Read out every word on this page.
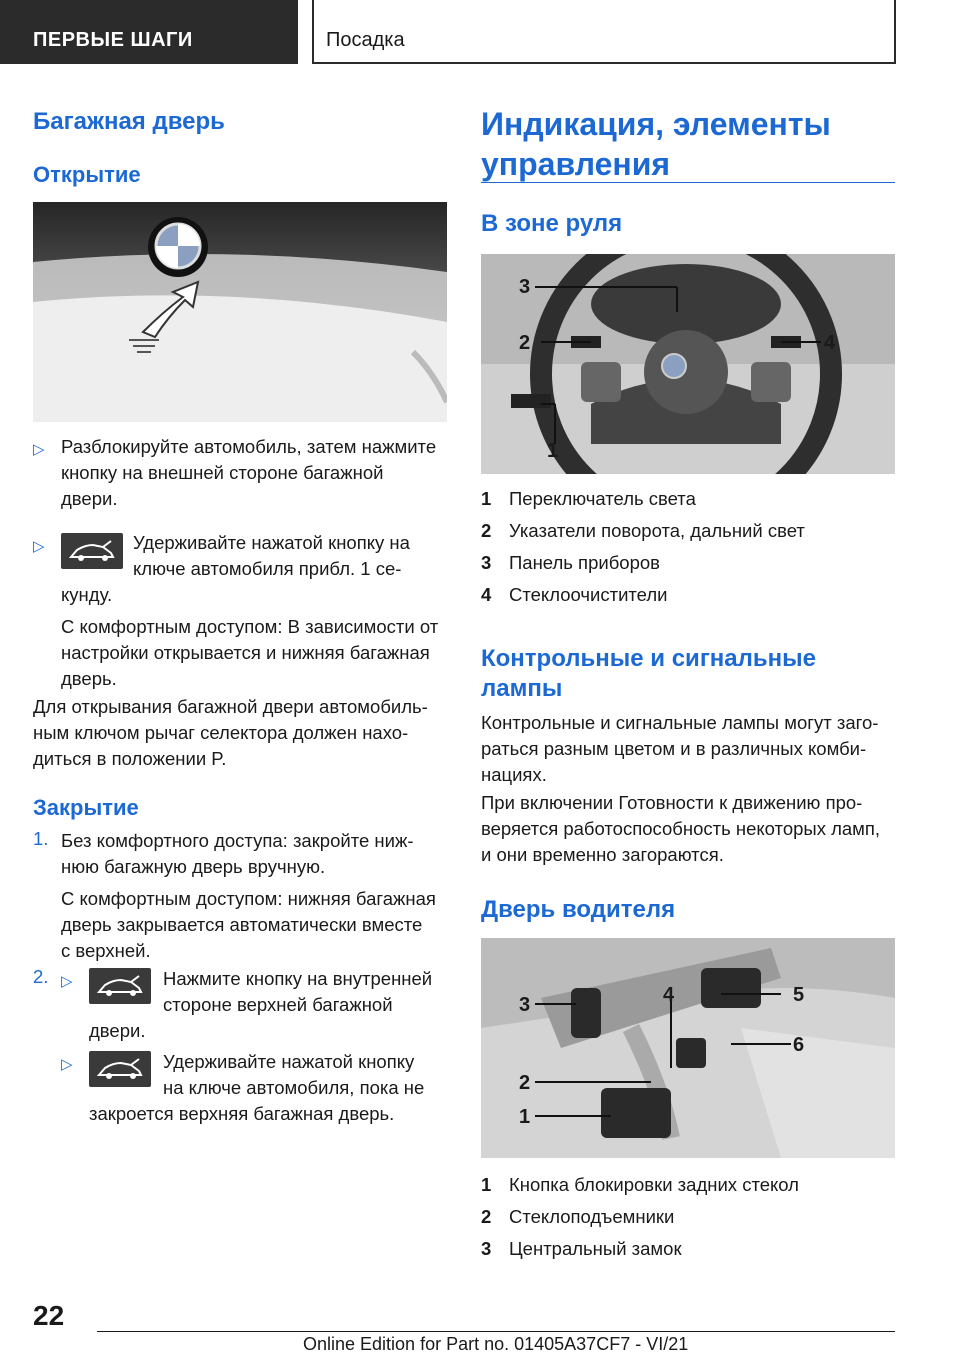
ПЕРВЫЕ ШАГИ	Посадка
Багажная дверь
Открытие
▷ Разблокируйте автомобиль, затем нажмите
кнопку на внешней стороне багажной
двери.
▷	Удерживайте нажатой кнопку на
ключе автомобиля прибл. 1 се-
кунду.
С комфортным доступом: В зависимости от
настройки открывается и нижняя багажная
дверь.
Для открывания багажной двери автомобиль-
ным ключом рычаг селектора должен нахо-
диться в положении P.
Закрытие
1. Без комфортного доступа: закройте ниж-
нюю багажную дверь вручную.
С комфортным доступом: нижняя багажная
дверь закрывается автоматически вместе
с верхней.
2. ▷	Нажмите кнопку на внутренней
стороне верхней багажной
двери.
▷	Удерживайте нажатой кнопку
на ключе автомобиля, пока не
закроется верхняя багажная дверь.
Индикация, элементы
управления
В зоне руля
3
2	4
1
1 Переключатель света
2 Указатели поворота, дальний свет
3 Панель приборов
4 Стеклоочистители
Контрольные и сигнальные
лампы
Контрольные и сигнальные лампы могут заго-
раться разным цветом и в различных комби-
нациях.
При включении Готовности к движению про-
веряется работоспособность некоторых ламп,
и они временно загораются.
Дверь водителя
3	4	5
6
2
1
1 Кнопка блокировки задних стекол
2 Стеклоподъемники
3 Центральный замок
22
Online Edition for Part no. 01405A37CF7 - VI/21
